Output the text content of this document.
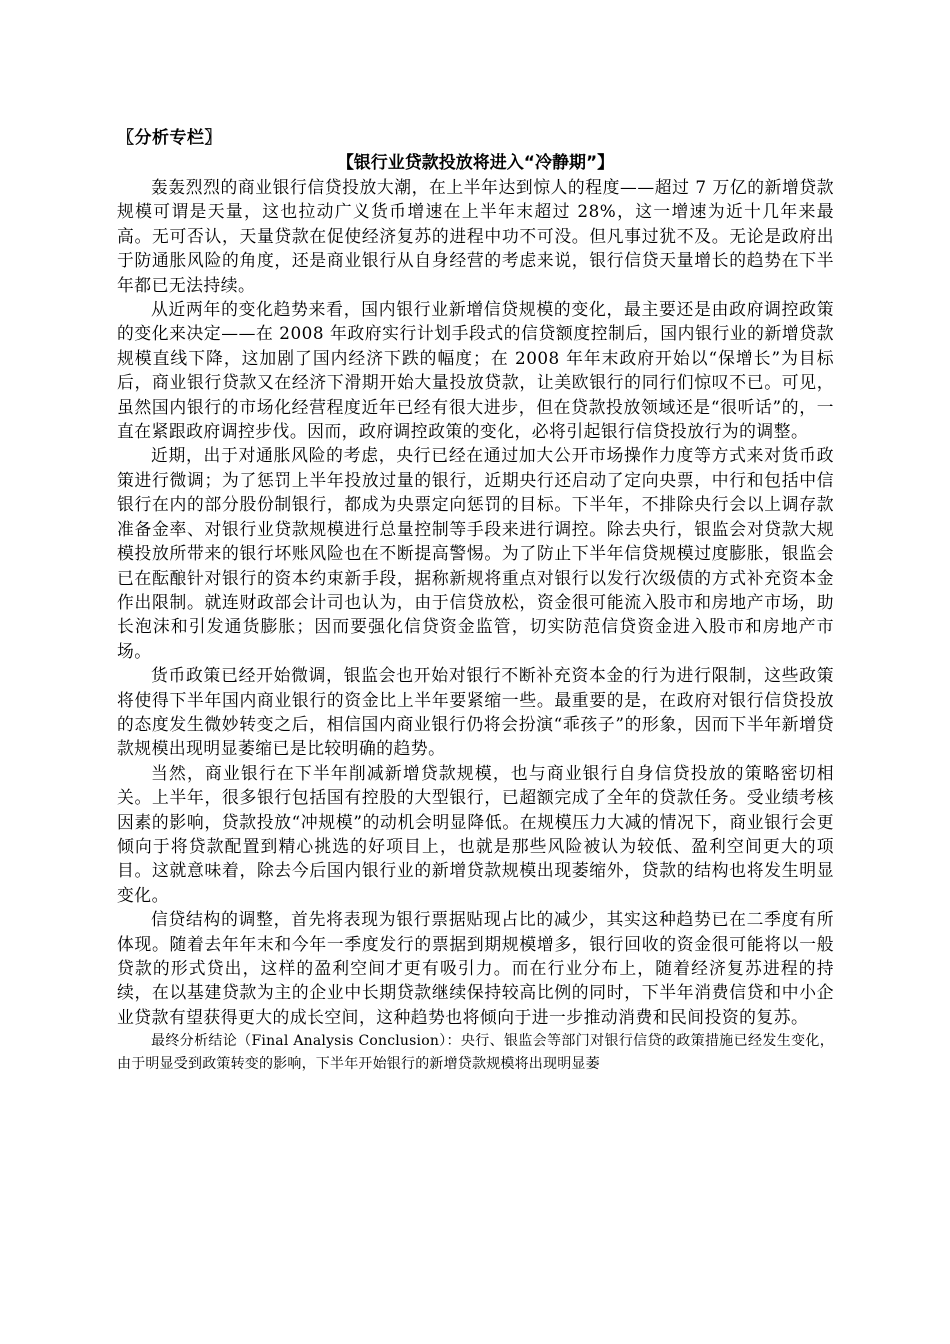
〖分析专栏〗
【银行业贷款投放将进入“冷静期”】

轰轰烈烈的商业银行信贷投放大潮，在上半年达到惊人的程度——超过 7 万亿的新增贷款规模可谓是天量，这也拉动广义货币增速在上半年末超过 28%，这一增速为近十几年来最高。无可否认，天量贷款在促使经济复苏的进程中功不可没。但凡事过犹不及。无论是政府出于防通胀风险的角度，还是商业银行从自身经营的考虑来说，银行信贷天量增长的趋势在下半年都已无法持续。

从近两年的变化趋势来看，国内银行业新增信贷规模的变化，最主要还是由政府调控政策的变化来决定——在 2008 年政府实行计划手段式的信贷额度控制后，国内银行业的新增贷款规模直线下降，这加剧了国内经济下跌的幅度；在 2008 年年末政府开始以“保增长”为目标后，商业银行贷款又在经济下滑期开始大量投放贷款，让美欧银行的同行们惊叹不已。可见，虽然国内银行的市场化经营程度近年已经有很大进步，但在贷款投放领域还是“很听话”的，一直在紧跟政府调控步伐。因而，政府调控政策的变化，必将引起银行信贷投放行为的调整。

近期，出于对通胀风险的考虑，央行已经在通过加大公开市场操作力度等方式来对货币政策进行微调；为了惩罚上半年投放过量的银行，近期央行还启动了定向央票，中行和包括中信银行在内的部分股份制银行，都成为央票定向惩罚的目标。下半年，不排除央行会以上调存款准备金率、对银行业贷款规模进行总量控制等手段来进行调控。除去央行，银监会对贷款大规模投放所带来的银行坏账风险也在不断提高警惕。为了防止下半年信贷规模过度膨胀，银监会已在酝酿针对银行的资本约束新手段，据称新规将重点对银行以发行次级债的方式补充资本金作出限制。就连财政部会计司也认为，由于信贷放松，资金很可能流入股市和房地产市场，助长泡沫和引发通货膨胀；因而要强化信贷资金监管，切实防范信贷资金进入股市和房地产市场。

货币政策已经开始微调，银监会也开始对银行不断补充资本金的行为进行限制，这些政策将使得下半年国内商业银行的资金比上半年要紧缩一些。最重要的是，在政府对银行信贷投放的态度发生微妙转变之后，相信国内商业银行仍将会扮演“乖孩子”的形象，因而下半年新增贷款规模出现明显萎缩已是比较明确的趋势。

当然，商业银行在下半年削减新增贷款规模，也与商业银行自身信贷投放的策略密切相关。上半年，很多银行包括国有控股的大型银行，已超额完成了全年的贷款任务。受业绩考核因素的影响，贷款投放“冲规模”的动机会明显降低。在规模压力大减的情况下，商业银行会更倾向于将贷款配置到精心挑选的好项目上，也就是那些风险被认为较低、盈利空间更大的项目。这就意味着，除去今后国内银行业的新增贷款规模出现萎缩外，贷款的结构也将发生明显变化。

信贷结构的调整，首先将表现为银行票据贴现占比的减少，其实这种趋势已在二季度有所体现。随着去年年末和今年一季度发行的票据到期规模增多，银行回收的资金很可能将以一般贷款的形式贷出，这样的盈利空间才更有吸引力。而在行业分布上，随着经济复苏进程的持续，在以基建贷款为主的企业中长期贷款继续保持较高比例的同时，下半年消费信贷和中小企业贷款有望获得更大的成长空间，这种趋势也将倾向于进一步推动消费和民间投资的复苏。

最终分析结论（Final Analysis Conclusion）：央行、银监会等部门对银行信贷的政策措施已经发生变化，由于明显受到政策转变的影响，下半年开始银行的新增贷款规模将出现明显萎
